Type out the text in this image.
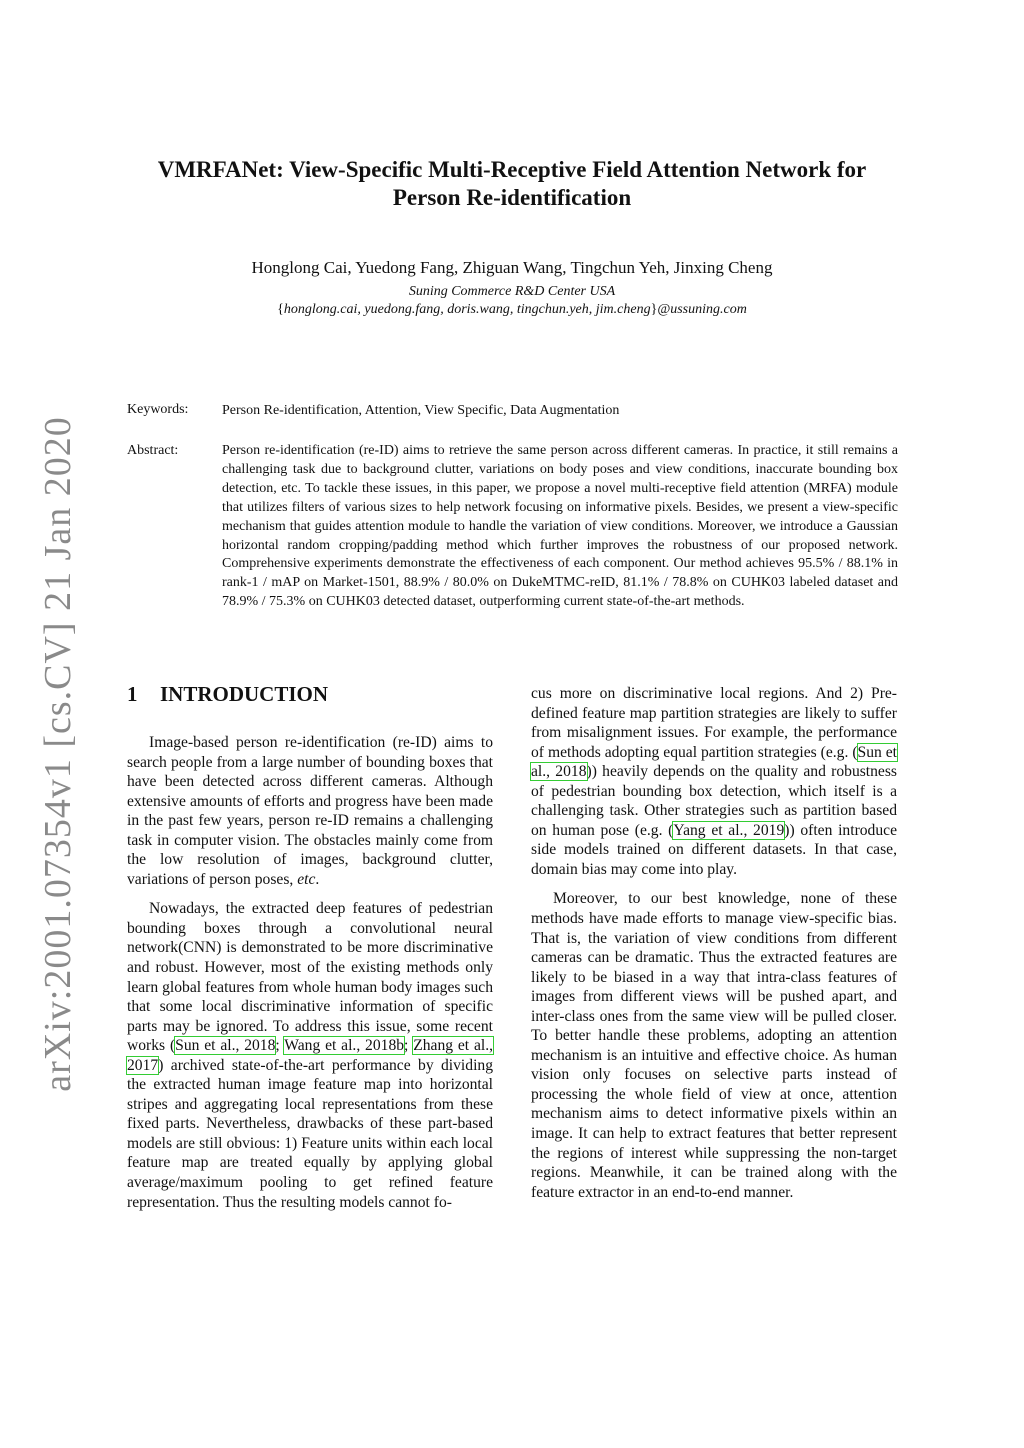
arXiv:2001.07354v1 [cs.CV] 21 Jan 2020
VMRFANet: View-Specific Multi-Receptive Field Attention Network for
Person Re-identification
Honglong Cai, Yuedong Fang, Zhiguan Wang, Tingchun Yeh, Jinxing Cheng
Suning Commerce R&D Center USA
{honglong.cai, yuedong.fang, doris.wang, tingchun.yeh, jim.cheng}@ussuning.com
Keywords: Person Re-identification, Attention, View Specific, Data Augmentation
Abstract:	Person re-identification (re-ID) aims to retrieve the same person across different cameras. In practice, it still remains a challenging task due to background clutter, variations on body poses and view conditions, inaccurate bounding box detection, etc. To tackle these issues, in this paper, we propose a novel multi-receptive field attention (MRFA) module that utilizes filters of various sizes to help network focusing on informative pixels. Besides, we present a view-specific mechanism that guides attention module to handle the variation of view conditions. Moreover, we introduce a Gaussian horizontal random cropping/padding method which further improves the robustness of our proposed network. Comprehensive experiments demonstrate the effectiveness of each component. Our method achieves 95.5% / 88.1% in rank-1 / mAP on Market-1501, 88.9% / 80.0% on DukeMTMC-reID, 81.1% / 78.8% on CUHK03 labeled dataset and 78.9% / 75.3% on CUHK03 detected dataset, outperforming current state-of-the-art methods.
1 INTRODUCTION

Image-based person re-identification (re-ID) aims to search people from a large number of bounding boxes that have been detected across different cameras. Although extensive amounts of efforts and progress have been made in the past few years, person re-ID remains a challenging task in computer vision. The obstacles mainly come from the low resolution of images, background clutter, variations of person poses, etc.

Nowadays, the extracted deep features of pedestrian bounding boxes through a convolutional neural network(CNN) is demonstrated to be more discriminative and robust. However, most of the existing methods only learn global features from whole human body images such that some local discriminative information of specific parts may be ignored. To address this issue, some recent works (Sun et al., 2018; Wang et al., 2018b; Zhang et al., 2017) archived state-of-the-art performance by dividing the extracted human image feature map into horizontal stripes and aggregating local representations from these fixed parts. Nevertheless, drawbacks of these part-based models are still obvious: 1) Feature units within each local feature map are treated equally by applying global average/maximum pooling to get refined feature representation. Thus the resulting models cannot fo-

cus more on discriminative local regions. And 2) Pre-defined feature map partition strategies are likely to suffer from misalignment issues. For example, the performance of methods adopting equal partition strategies (e.g. (Sun et al., 2018)) heavily depends on the quality and robustness of pedestrian bounding box detection, which itself is a challenging task. Other strategies such as partition based on human pose (e.g. (Yang et al., 2019)) often introduce side models trained on different datasets. In that case, domain bias may come into play.

Moreover, to our best knowledge, none of these methods have made efforts to manage view-specific bias. That is, the variation of view conditions from different cameras can be dramatic. Thus the extracted features are likely to be biased in a way that intra-class features of images from different views will be pushed apart, and inter-class ones from the same view will be pulled closer. To better handle these problems, adopting an attention mechanism is an intuitive and effective choice. As human vision only focuses on selective parts instead of processing the whole field of view at once, attention mechanism aims to detect informative pixels within an image. It can help to extract features that better represent the regions of interest while suppressing the non-target regions. Meanwhile, it can be trained along with the feature extractor in an end-to-end manner.
